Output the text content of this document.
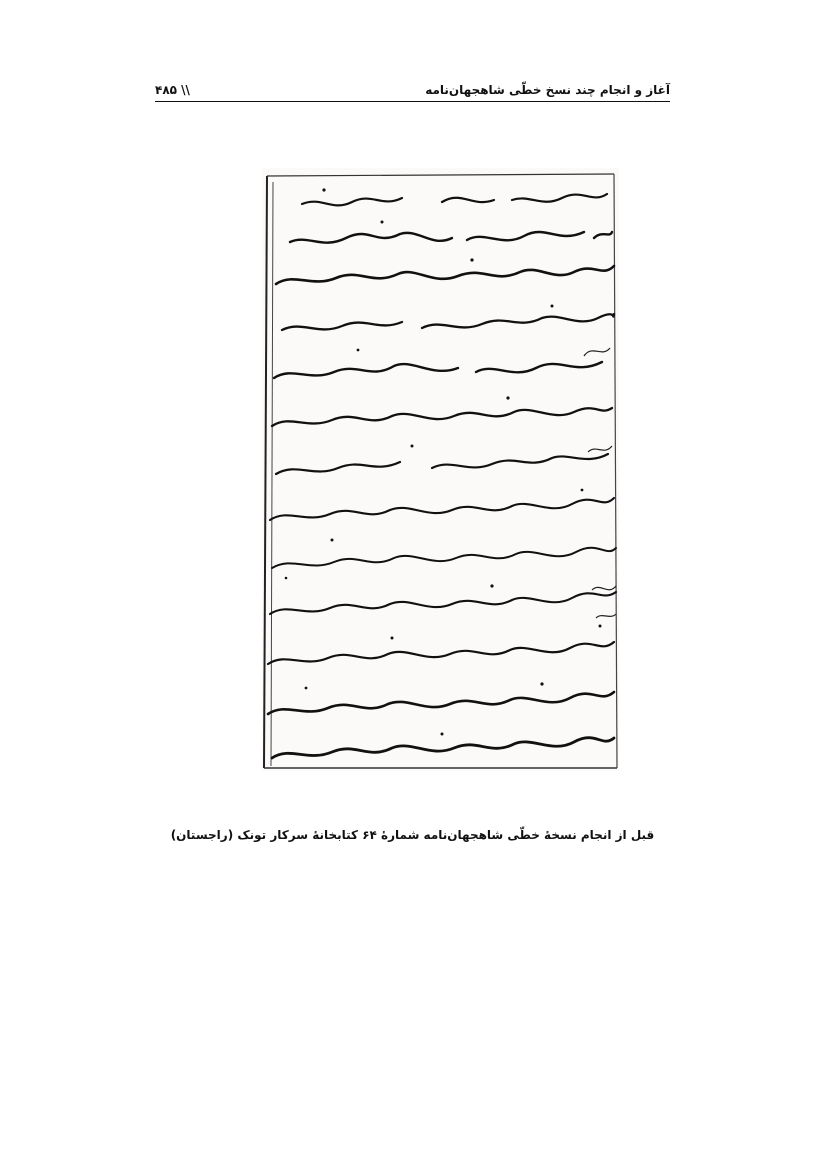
آغاز و انجام چند نسخ خطّی شاهجهان‌نامه
\\ ۴۸۵
قبل از انجام نسخهٔ خطّی شاهجهان‌نامه شمارهٔ ۶۴ کتابخانهٔ سرکار تونک (راجستان)
